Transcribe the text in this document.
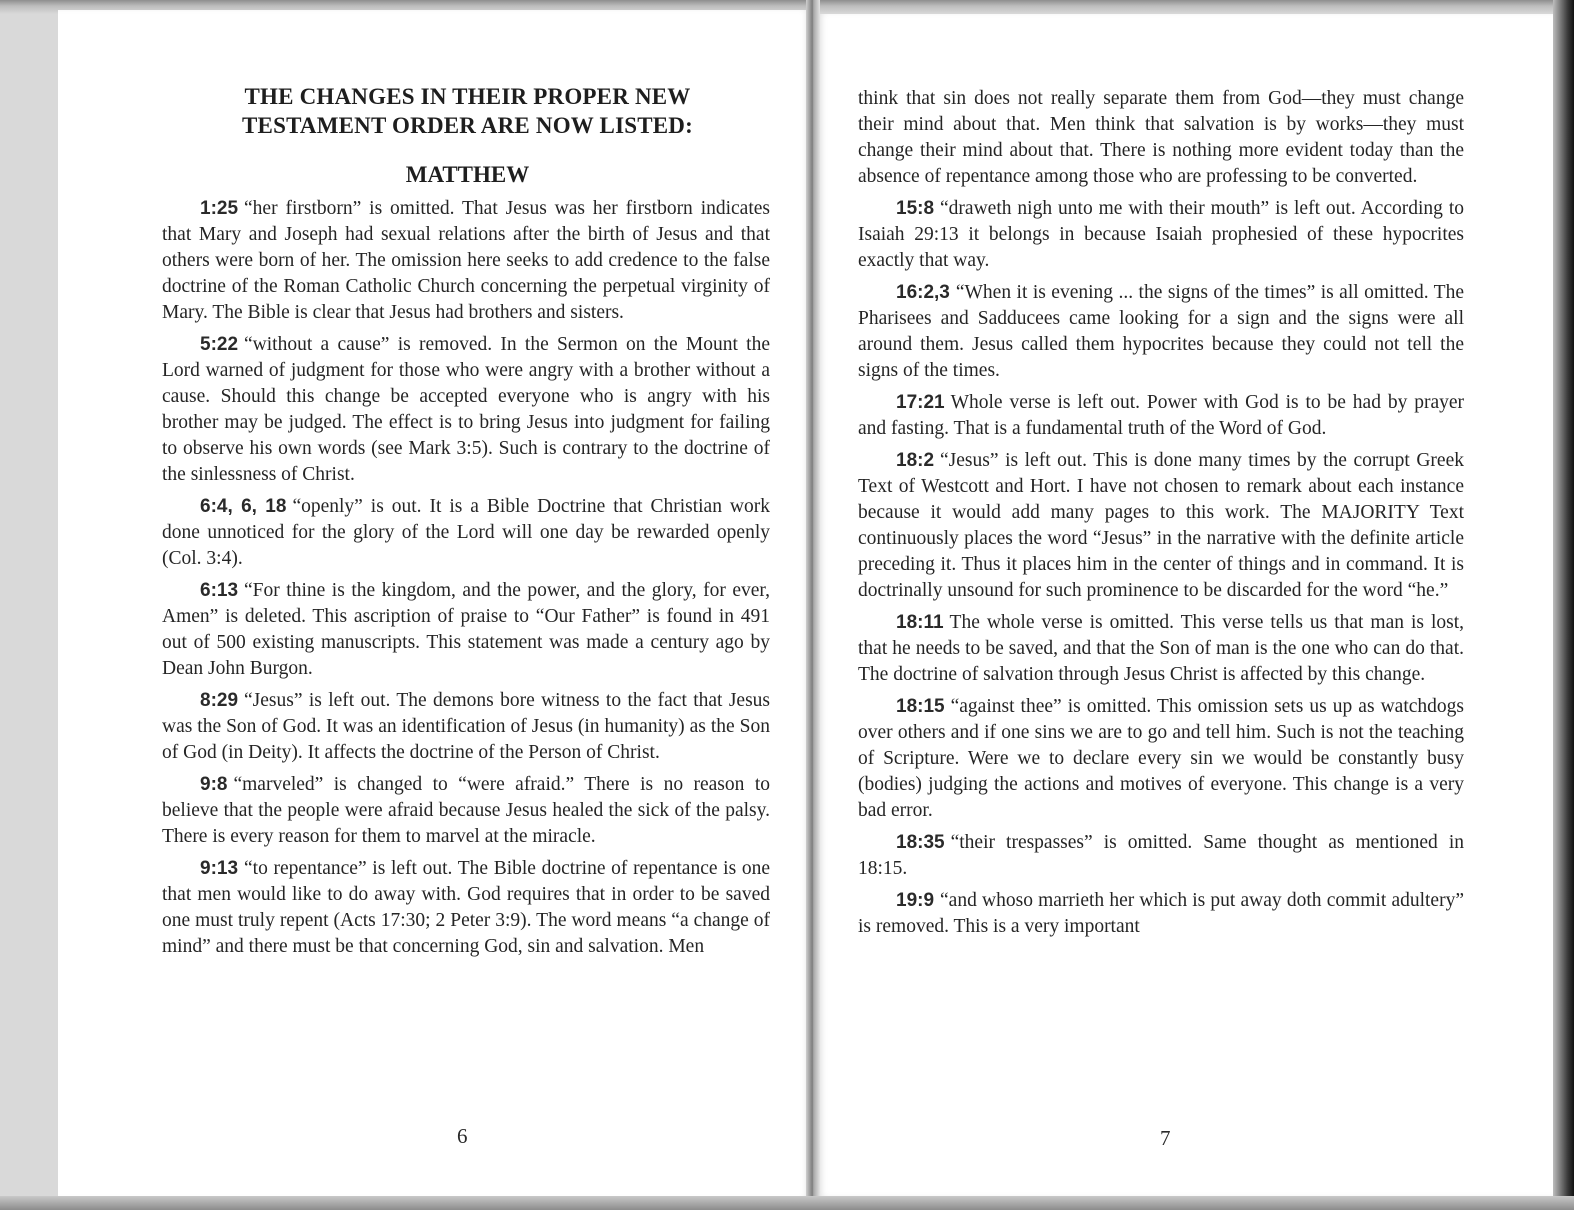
THE CHANGES IN THEIR PROPER NEW
TESTAMENT ORDER ARE NOW LISTED:
MATTHEW

1:25 “her firstborn” is omitted. That Jesus was her firstborn indicates that Mary and Joseph had sexual relations after the birth of Jesus and that others were born of her. The omission here seeks to add credence to the false doctrine of the Roman Catholic Church concerning the perpetual virginity of Mary. The Bible is clear that Jesus had brothers and sisters.

5:22 “without a cause” is removed. In the Sermon on the Mount the Lord warned of judgment for those who were angry with a brother without a cause. Should this change be accepted everyone who is angry with his brother may be judged. The effect is to bring Jesus into judgment for failing to observe his own words (see Mark 3:5). Such is contrary to the doctrine of the sinlessness of Christ.

6:4, 6, 18 “openly” is out. It is a Bible Doctrine that Christian work done unnoticed for the glory of the Lord will one day be rewarded openly (Col. 3:4).

6:13 “For thine is the kingdom, and the power, and the glory, for ever, Amen” is deleted. This ascription of praise to “Our Father” is found in 491 out of 500 existing manuscripts. This statement was made a century ago by Dean John Burgon.

8:29 “Jesus” is left out. The demons bore witness to the fact that Jesus was the Son of God. It was an identification of Jesus (in humanity) as the Son of God (in Deity). It affects the doctrine of the Person of Christ.

9:8 “marveled” is changed to “were afraid.” There is no reason to believe that the people were afraid because Jesus healed the sick of the palsy. There is every reason for them to marvel at the miracle.

9:13 “to repentance” is left out. The Bible doctrine of repentance is one that men would like to do away with. God requires that in order to be saved one must truly repent (Acts 17:30; 2 Peter 3:9). The word means “a change of mind” and there must be that concerning God, sin and salvation. Men

6

think that sin does not really separate them from God—they must change their mind about that. Men think that salvation is by works—they must change their mind about that. There is nothing more evident today than the absence of repentance among those who are professing to be converted.

15:8 “draweth nigh unto me with their mouth” is left out. According to Isaiah 29:13 it belongs in because Isaiah prophesied of these hypocrites exactly that way.

16:2,3 “When it is evening ... the signs of the times” is all omitted. The Pharisees and Sadducees came looking for a sign and the signs were all around them. Jesus called them hypocrites because they could not tell the signs of the times.

17:21 Whole verse is left out. Power with God is to be had by prayer and fasting. That is a fundamental truth of the Word of God.

18:2 “Jesus” is left out. This is done many times by the corrupt Greek Text of Westcott and Hort. I have not chosen to remark about each instance because it would add many pages to this work. The MAJORITY Text continuously places the word “Jesus” in the narrative with the definite article preceding it. Thus it places him in the center of things and in command. It is doctrinally unsound for such prominence to be discarded for the word “he.”

18:11 The whole verse is omitted. This verse tells us that man is lost, that he needs to be saved, and that the Son of man is the one who can do that. The doctrine of salvation through Jesus Christ is affected by this change.

18:15 “against thee” is omitted. This omission sets us up as watchdogs over others and if one sins we are to go and tell him. Such is not the teaching of Scripture. Were we to declare every sin we would be constantly busy (bodies) judging the actions and motives of everyone. This change is a very bad error.

18:35 “their trespasses” is omitted. Same thought as mentioned in 18:15.

19:9 “and whoso marrieth her which is put away doth commit adultery” is removed. This is a very important

7
